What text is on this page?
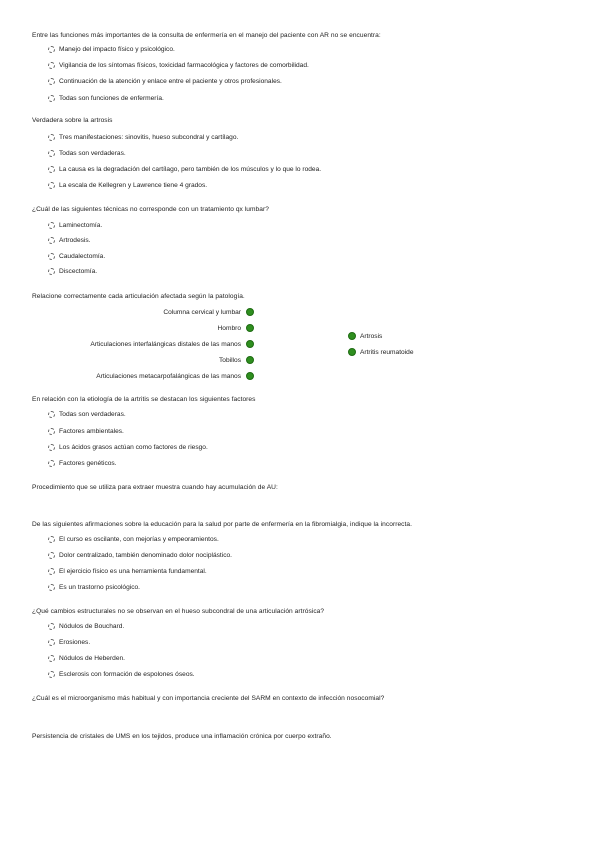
Entre las funciones más importantes de la consulta de enfermería en el manejo del paciente con AR no se encuentra:
Manejo del impacto físico y psicológico.
Vigilancia de los síntomas físicos, toxicidad farmacológica y factores de comorbilidad.
Continuación de la atención y enlace entre el paciente y otros profesionales.
Todas son funciones de enfermería.
Verdadera sobre la artrosis
Tres manifestaciones: sinovitis, hueso subcondral y cartílago.
Todas son verdaderas.
La causa es la degradación del cartílago, pero también de los músculos y lo que lo rodea.
La escala de Kellegren y Lawrence tiene 4 grados.
¿Cuál de las siguientes técnicas no corresponde con un tratamiento qx lumbar?
Laminectomía.
Artrodesis.
Caudalectomía.
Discectomía.
Relacione correctamente cada articulación afectada según la patología.
Columna cervical y lumbar
Hombro
Articulaciones interfalángicas distales de las manos
Tobillos
Articulaciones metacarpofalángicas de las manos
Artrosis
Artritis reumatoide
En relación con la etiología de la artritis se destacan los siguientes factores
Todas son verdaderas.
Factores ambientales.
Los ácidos grasos actúan como factores de riesgo.
Factores genéticos.
Procedimiento que se utiliza para extraer muestra cuando hay acumulación de AU:
De las siguientes afirmaciones sobre la educación para la salud por parte de enfermería en la fibromialgia, indique la incorrecta.
El curso es oscilante, con mejorías y empeoramientos.
Dolor centralizado, también denominado dolor nociplástico.
El ejercicio físico es una herramienta fundamental.
Es un trastorno psicológico.
¿Qué cambios estructurales no se observan en el hueso subcondral de una articulación artrósica?
Nódulos de Bouchard.
Erosiones.
Nódulos de Heberden.
Esclerosis con formación de espolones óseos.
¿Cuál es el microorganismo más habitual y con importancia creciente del SARM en contexto de infección nosocomial?
Persistencia de cristales de UMS en los tejidos, produce una inflamación crónica por cuerpo extraño.
